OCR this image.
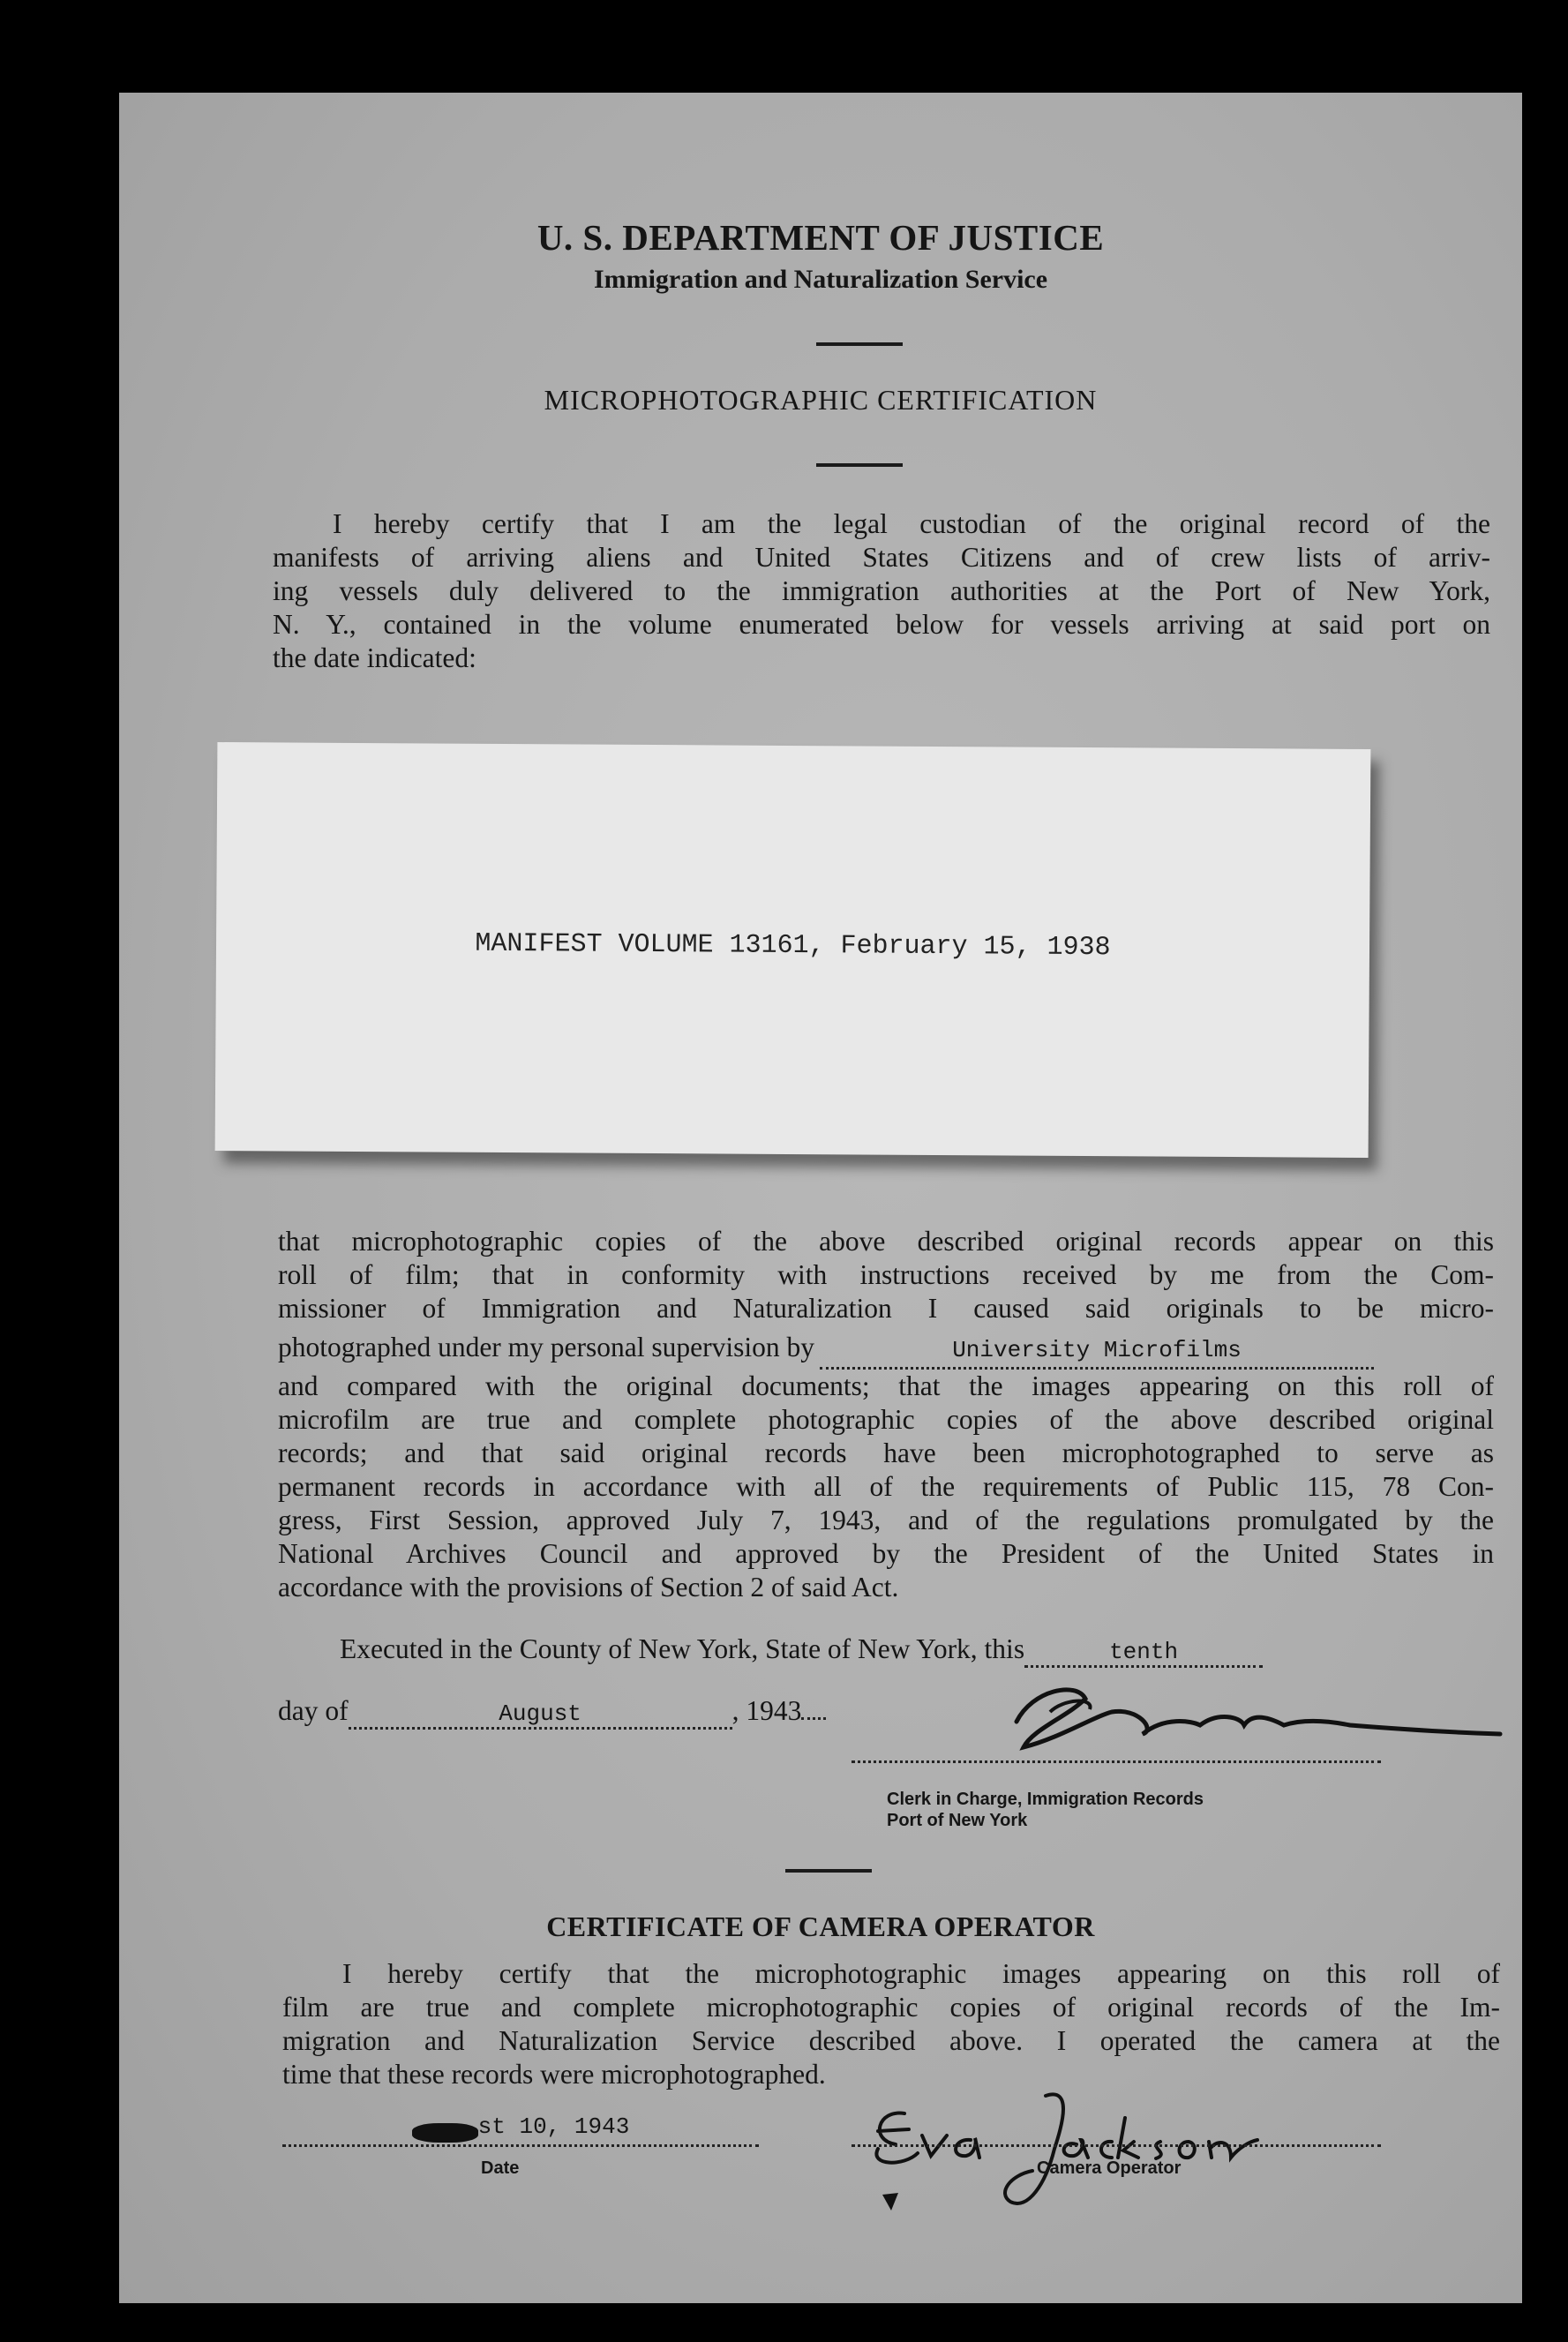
U. S. DEPARTMENT OF JUSTICE
Immigration and Naturalization Service
MICROPHOTOGRAPHIC CERTIFICATION
I hereby certify that I am the legal custodian of the original record of the
manifests of arriving aliens and United States Citizens and of crew lists of arriv-
ing vessels duly delivered to the immigration authorities at the Port of New York,
N. Y., contained in the volume enumerated below for vessels arriving at said port on
the date indicated:
MANIFEST VOLUME 13161, February 15, 1938
that microphotographic copies of the above described original records appear on this
roll of film; that in conformity with instructions received by me from the Com-
missioner of Immigration and Naturalization I caused said originals to be micro-
photographed under my personal supervision by	University Microfilms
and compared with the original documents; that the images appearing on this roll of
microfilm are true and complete photographic copies of the above described original
records; and that said original records have been microphotographed to serve as
permanent records in accordance with all of the requirements of Public 115, 78 Con-
gress, First Session, approved July 7, 1943, and of the regulations promulgated by the
National Archives Council and approved by the President of the United States in
accordance with the provisions of Section 2 of said Act.
Executed in the County of New York, State of New York, this	tenth
day of	August	, 1943
Clerk in Charge, Immigration Records
Port of New York
CERTIFICATE OF CAMERA OPERATOR
I hereby certify that the microphotographic images appearing on this roll of
film are true and complete microphotographic copies of original records of the Im-
migration and Naturalization Service described above. I operated the camera at the
time that these records were microphotographed.
st 10, 1943
Date	Camera Operator
